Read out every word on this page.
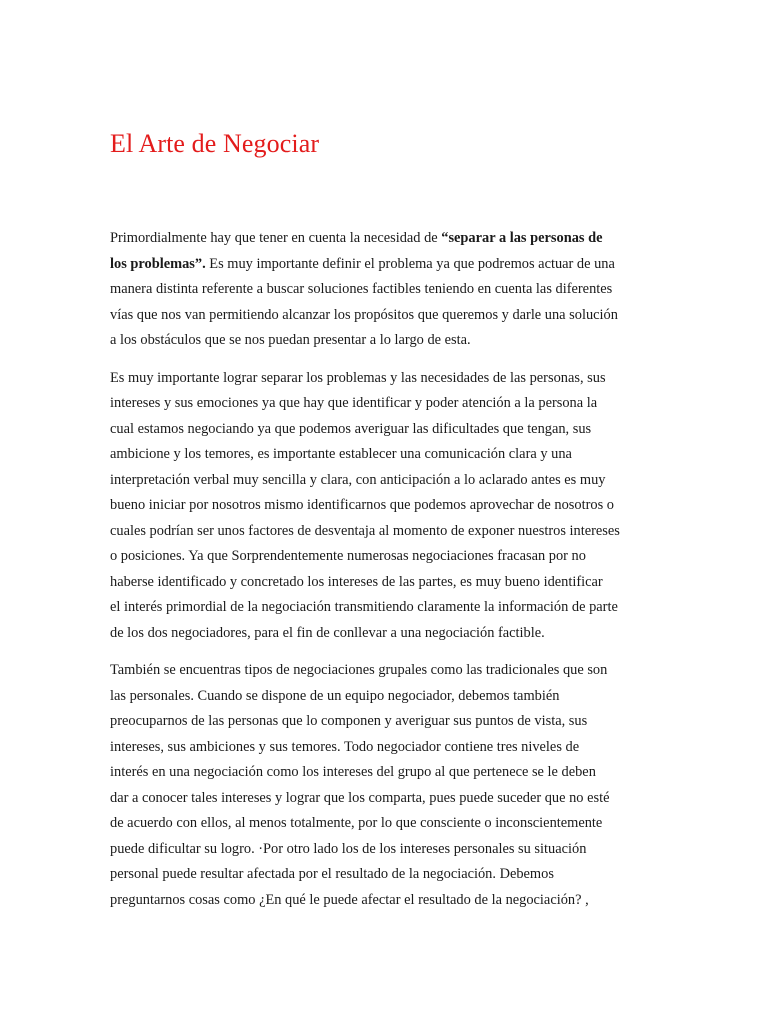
El Arte de Negociar
Primordialmente hay que tener en cuenta la necesidad de “separar a las personas de
los problemas”. Es muy importante definir el problema ya que podremos actuar de una
manera distinta referente a buscar soluciones factibles teniendo en cuenta las diferentes
vías que nos van permitiendo alcanzar los propósitos que queremos y darle una solución
a los obstáculos que se nos puedan presentar a lo largo de esta.
Es muy importante lograr separar los problemas y las necesidades de las personas, sus
intereses y sus emociones ya que hay que identificar y poder atención a la persona la
cual estamos negociando ya que podemos averiguar las dificultades que tengan, sus
ambicione y los temores, es importante establecer una comunicación clara y una
interpretación verbal muy sencilla y clara, con anticipación a lo aclarado antes es muy
bueno iniciar por nosotros mismo identificarnos que podemos aprovechar de nosotros o
cuales podrían ser unos factores de desventaja al momento de exponer nuestros intereses
o posiciones. Ya que Sorprendentemente numerosas negociaciones fracasan por no
haberse identificado y concretado los intereses de las partes, es muy bueno identificar
el interés primordial de la negociación transmitiendo claramente la información de parte
de los dos negociadores, para el fin de conllevar a una negociación factible.
También se encuentras tipos de negociaciones grupales como las tradicionales que son
las personales. Cuando se dispone de un equipo negociador, debemos también
preocuparnos de las personas que lo componen y averiguar sus puntos de vista, sus
intereses, sus ambiciones y sus temores. Todo negociador contiene tres niveles de
interés en una negociación como los intereses del grupo al que pertenece se le deben
dar a conocer tales intereses y lograr que los comparta, pues puede suceder que no esté
de acuerdo con ellos, al menos totalmente, por lo que consciente o inconscientemente
puede dificultar su logro. ·Por otro lado los de los intereses personales su situación
personal puede resultar afectada por el resultado de la negociación. Debemos
preguntarnos cosas como ¿En qué le puede afectar el resultado de la negociación? ,
